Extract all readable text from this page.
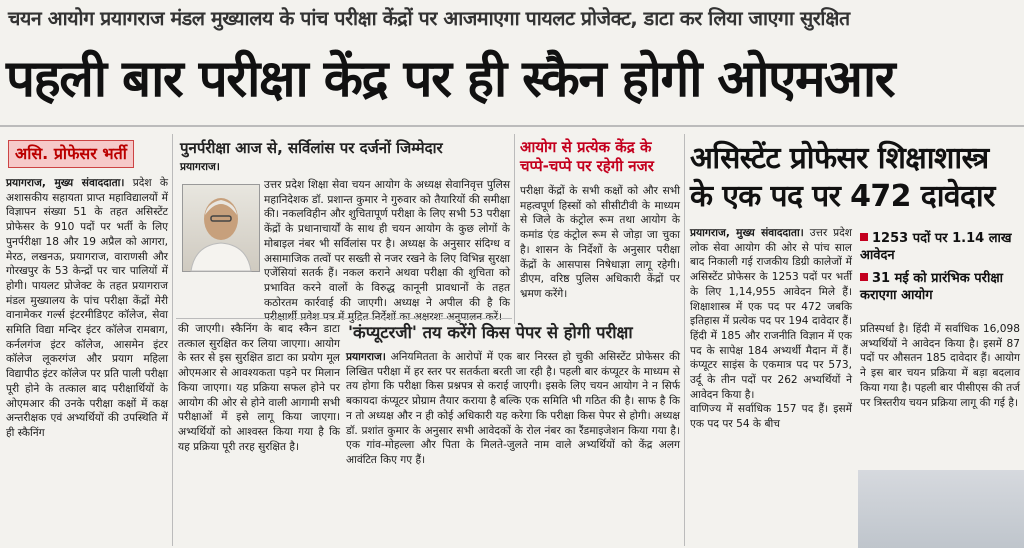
चयन आयोग प्रयागराज मंडल मुख्यालय के पांच परीक्षा केंद्रों पर आजमाएगा पायलट प्रोजेक्ट, डाटा कर लिया जाएगा सुरक्षित
पहली बार परीक्षा केंद्र पर ही स्कैन होगी ओएमआर
असि. प्रोफेसर भर्ती
प्रयागराज, मुख्य संवाददाता। प्रदेश के अशासकीय सहायता प्राप्त महाविद्यालयों में विज्ञापन संख्या 51 के तहत असिस्टेंट प्रोफेसर के 910 पदों पर भर्ती के लिए पुनर्परीक्षा 18 और 19 अप्रैल को आगरा, मेरठ, लखनऊ, प्रयागराज, वाराणसी और गोरखपुर के 53 केन्द्रों पर चार पालियों में होगी। पायलट प्रोजेक्ट के तहत प्रयागराज मंडल मुख्यालय के पांच परीक्षा केंद्रों मेरी वानामेकर गर्ल्स इंटरमीडिएट कॉलेज, सेवा समिति विद्या मन्दिर इंटर कॉलेज रामबाग, कर्नलगंज इंटर कॉलेज, आसमेन इंटर कॉलेज लूकरगंज और प्रयाग महिला विद्यापीठ इंटर कॉलेज पर प्रति पाली परीक्षा पूरी होने के तत्काल बाद परीक्षार्थियों के ओएमआर की उनके परीक्षा कक्षों में कक्ष अन्तरीक्षक एवं अभ्यर्थियों की उपस्थिति में ही स्कैनिंग
पुनर्परीक्षा आज से, सर्विलांस पर दर्जनों जिम्मेदार
प्रयागराज।
उत्तर प्रदेश शिक्षा सेवा चयन आयोग के अध्यक्ष सेवानिवृत्त पुलिस महानिदेशक डॉ. प्रशान्त कुमार ने गुरुवार को तैयारियों की समीक्षा की। नकलविहीन और शुचितापूर्ण परीक्षा के लिए सभी 53 परीक्षा केंद्रों के प्रधानाचार्यों के साथ ही चयन आयोग के कुछ लोगों के मोबाइल नंबर भी सर्विलांस पर है। अध्यक्ष के अनुसार संदिग्ध व असामाजिक तत्वों पर सख्ती से नजर रखने के लिए विभिन्न सुरक्षा एजेंसियां सतर्क हैं। नकल कराने अथवा परीक्षा की शुचिता को प्रभावित करने वालों के विरुद्ध कानूनी प्रावधानों के तहत कठोरतम कार्रवाई की जाएगी। अध्यक्ष ने अपील की है कि
की जाएगी। स्कैनिंग के बाद स्कैन डाटा तत्काल सुरक्षित कर लिया जाएगा। आयोग के स्तर से इस सुरक्षित डाटा का प्रयोग मूल ओएमआर से आवश्यकता पड़ने पर मिलान किया जाएगा। यह प्रक्रिया सफल होने पर आयोग की ओर से होने वाली आगामी सभी परीक्षाओं में इसे लागू किया जाएगा। अभ्यर्थियों को आश्वस्त किया गया है कि यह प्रक्रिया पूरी तरह सुरक्षित है।
आयोग से प्रत्येक केंद्र के चप्पे-चप्पे पर रहेगी नजर
परीक्षा केंद्रों के सभी कक्षों को और सभी महत्वपूर्ण हिस्सों को सीसीटीवी के माध्यम से जिले के कंट्रोल रूम तथा आयोग के कमांड एंड कंट्रोल रूम से जोड़ा जा चुका है। शासन के निर्देशों के अनुसार परीक्षा केंद्रों के आसपास निषेधाज्ञा लागू रहेगी। डीएम, वरिष्ठ पुलिस अधिकारी केंद्रों पर भ्रमण करेंगे।
'कंप्यूटरजी' तय करेंगे किस पेपर से होगी परीक्षा
प्रयागराज। अनियमितता के आरोपों में एक बार निरस्त हो चुकी असिस्टेंट प्रोफेसर की लिखित परीक्षा में हर स्तर पर सतर्कता बरती जा रही है। पहली बार कंप्यूटर के माध्यम से तय होगा कि परीक्षा किस प्रश्नपत्र से कराई जाएगी। इसके लिए चयन आयोग ने न सिर्फ बकायदा कंप्यूटर प्रोग्राम तैयार कराया है बल्कि एक समिति भी गठित की है। साफ है कि न तो अध्यक्ष और न ही कोई अधिकारी यह करेगा कि परीक्षा किस पेपर से होगी। अध्यक्ष डॉ. प्रशांत कुमार के अनुसार सभी आवेदकों के रोल नंबर का रैंडमाइजेशन किया गया है। एक गांव-मोहल्ला और पिता के मिलते-जुलते नाम वाले अभ्यर्थियों को केंद्र अलग आवंटित किए गए हैं।
असिस्टेंट प्रोफेसर शिक्षाशास्त्र के एक पद पर 472 दावेदार
प्रयागराज, मुख्य संवाददाता। उत्तर प्रदेश लोक सेवा आयोग की ओर से पांच साल बाद निकाली गई राजकीय डिग्री कालेजों में असिस्टेंट प्रोफेसर के 1253 पदों पर भर्ती के लिए 1,14,955 आवेदन मिले हैं। शिक्षाशास्त्र में एक पद पर 472 जबकि इतिहास में प्रत्येक पद पर 194 दावेदार हैं। हिंदी में 185 और राजनीति विज्ञान में एक पद के सापेक्ष 184 अभ्यर्थी मैदान में हैं। कंप्यूटर साइंस के एकमात्र पद पर 573, उर्दू के तीन पदों पर 262 अभ्यर्थियों ने आवेदन किया है।
वाणिज्य में सर्वाधिक 157 पद हैं। इसमें एक पद पर 54 के बीच
1253 पदों पर 1.14 लाख आवेदन
31 मई को प्रारंभिक परीक्षा कराएगा आयोग
प्रतिस्पर्धा है। हिंदी में सर्वाधिक 16,098 अभ्यर्थियों ने आवेदन किया है। इसमें 87 पदों पर औसतन 185 दावेदार हैं। आयोग ने इस बार चयन प्रक्रिया में बड़ा बदलाव किया गया है। पहली बार पीसीएस की तर्ज पर त्रिस्तरीय चयन प्रक्रिया लागू की गई है।
